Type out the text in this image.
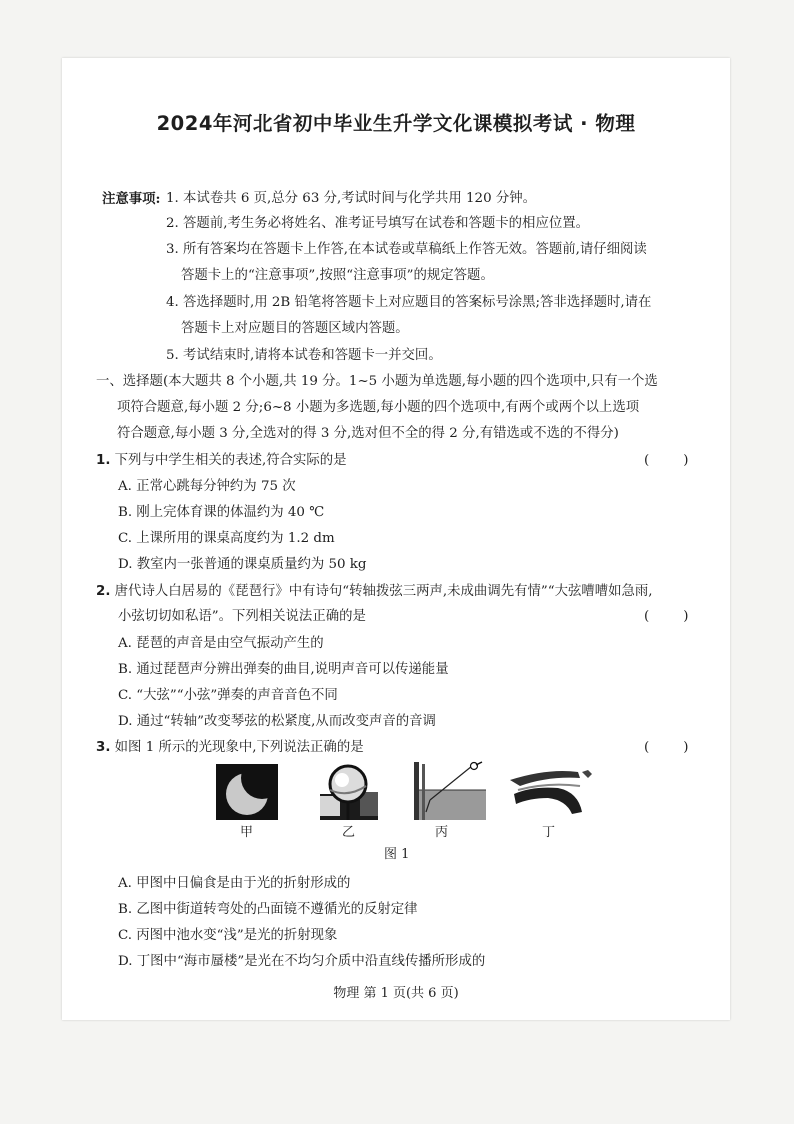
2024年河北省初中毕业生升学文化课模拟考试 · 物理
注意事项: 1. 本试卷共 6 页,总分 63 分,考试时间与化学共用 120 分钟。
2. 答题前,考生务必将姓名、准考证号填写在试卷和答题卡的相应位置。
3. 所有答案均在答题卡上作答,在本试卷或草稿纸上作答无效。答题前,请仔细阅读
答题卡上的“注意事项”,按照“注意事项”的规定答题。
4. 答选择题时,用 2B 铅笔将答题卡上对应题目的答案标号涂黑;答非选择题时,请在
答题卡上对应题目的答题区域内答题。
5. 考试结束时,请将本试卷和答题卡一并交回。
一、选择题(本大题共 8 个小题,共 19 分。1~5 小题为单选题,每小题的四个选项中,只有一个选
项符合题意,每小题 2 分;6~8 小题为多选题,每小题的四个选项中,有两个或两个以上选项
符合题意,每小题 3 分,全选对的得 3 分,选对但不全的得 2 分,有错选或不选的不得分)
1. 下列与中学生相关的表述,符合实际的是	(        )
A. 正常心跳每分钟约为 75 次
B. 刚上完体育课的体温约为 40 ℃
C. 上课所用的课桌高度约为 1.2 dm
D. 教室内一张普通的课桌质量约为 50 kg
2. 唐代诗人白居易的《琵琶行》中有诗句“转轴拨弦三两声,未成曲调先有情”“大弦嘈嘈如急雨,
小弦切切如私语”。下列相关说法正确的是	(        )
A. 琵琶的声音是由空气振动产生的
B. 通过琵琶声分辨出弹奏的曲目,说明声音可以传递能量
C. “大弦”“小弦”弹奏的声音音色不同
D. 通过“转轴”改变琴弦的松紧度,从而改变声音的音调
3. 如图 1 所示的光现象中,下列说法正确的是	(        )
甲	乙	丙	丁
图 1
A. 甲图中日偏食是由于光的折射形成的
B. 乙图中街道转弯处的凸面镜不遵循光的反射定律
C. 丙图中池水变“浅”是光的折射现象
D. 丁图中“海市蜃楼”是光在不均匀介质中沿直线传播所形成的
物理 第 1 页(共 6 页)
